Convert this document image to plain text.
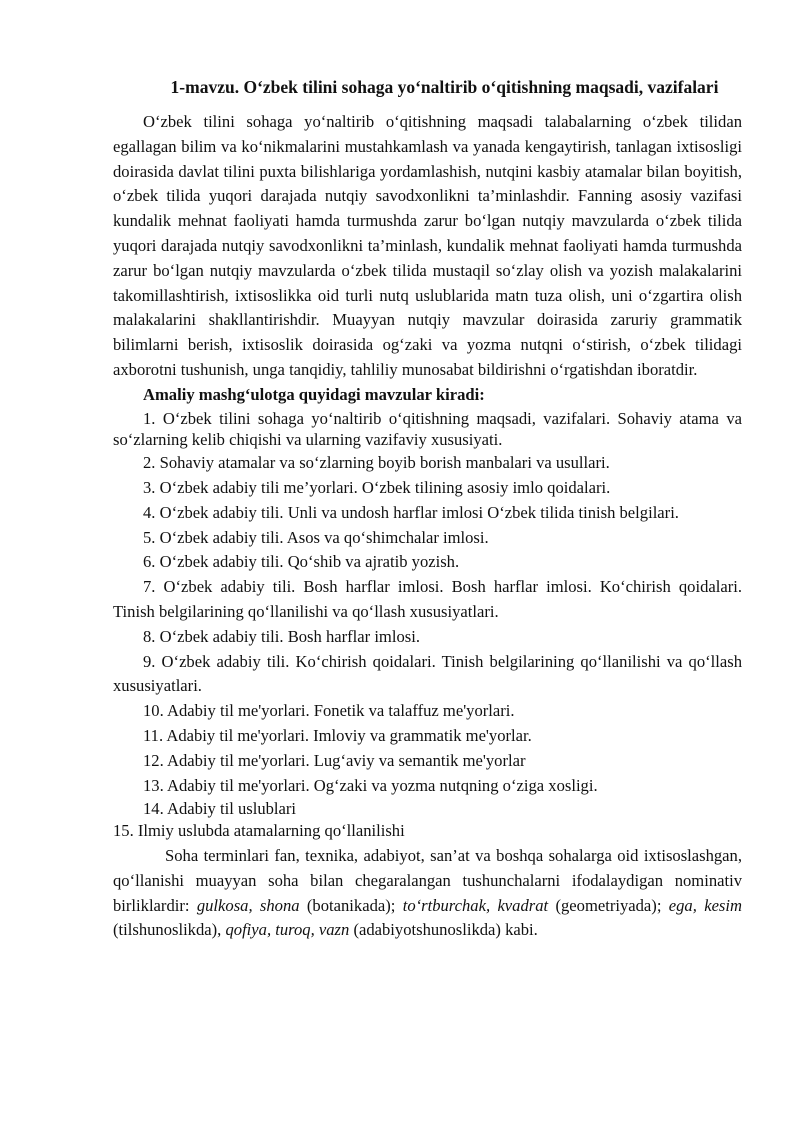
1-mavzu. O‘zbek tilini sohaga yo‘naltirib o‘qitishning maqsadi, vazifalari

O‘zbek tilini sohaga yo‘naltirib o‘qitishning maqsadi talabalarning o‘zbek tilidan egallagan bilim va ko‘nikmalarini mustahkamlash va yanada kengaytirish, tanlagan ixtisosligi doirasida davlat tilini puxta bilishlariga yordamlashish, nutqini kasbiy atamalar bilan boyitish, o‘zbek tilida yuqori darajada nutqiy savodxonlikni ta’minlashdir. Fanning asosiy vazifasi kundalik mehnat faoliyati hamda turmushda zarur bo‘lgan nutqiy mavzularda o‘zbek tilida yuqori darajada nutqiy savodxonlikni ta’minlash, kundalik mehnat faoliyati hamda turmushda zarur bo‘lgan nutqiy mavzularda o‘zbek tilida mustaqil so‘zlay olish va yozish malakalarini takomillashtirish, ixtisoslikka oid turli nutq uslublarida matn tuza olish, uni o‘zgartira olish malakalarini shakllantirishdir. Muayyan nutqiy mavzular doirasida zaruriy grammatik bilimlarni berish, ixtisoslik doirasida og‘zaki va yozma nutqni o‘stirish, o‘zbek tilidagi axborotni tushunish, unga tanqidiy, tahliliy munosabat bildirishni o‘rgatishdan iboratdir.

Amaliy mashg‘ulotga quyidagi mavzular kiradi:

1. O‘zbek tilini sohaga yo‘naltirib o‘qitishning maqsadi, vazifalari. Sohaviy atama va so‘zlarning kelib chiqishi va ularning vazifaviy xususiyati.

2. Sohaviy atamalar va so‘zlarning boyib borish manbalari va usullari.

3. O‘zbek adabiy tili me’yorlari. O‘zbek tilining asosiy imlo qoidalari.

4. O‘zbek adabiy tili. Unli va undosh harflar imlosi O‘zbek tilida tinish belgilari.

5. O‘zbek adabiy tili. Asos va qo‘shimchalar imlosi.

6. O‘zbek adabiy tili. Qo‘shib va ajratib yozish.

7. O‘zbek adabiy tili. Bosh harflar imlosi. Bosh harflar imlosi. Ko‘chirish qoidalari. Tinish belgilarining qo‘llanilishi va qo‘llash xususiyatlari.

8. O‘zbek adabiy tili. Bosh harflar imlosi.

9. O‘zbek adabiy tili. Ko‘chirish qoidalari. Tinish belgilarining qo‘llanilishi va qo‘llash xususiyatlari.

10. Adabiy til me'yorlari. Fonetik va talaffuz me'yorlari.

11. Adabiy til me'yorlari. Imloviy va grammatik me'yorlar.

12. Adabiy til me'yorlari. Lug‘aviy va semantik me'yorlar

13. Adabiy til me'yorlari. Og‘zaki va yozma nutqning o‘ziga xosligi.

14. Adabiy til uslublari

15. Ilmiy uslubda atamalarning qo‘llanilishi

Soha terminlari fan, texnika, adabiyot, san’at va boshqa sohalarga oid ixtisoslashgan, qo‘llanishi muayyan soha bilan chegaralangan tushunchalarni ifodalaydigan nominativ birliklardir: gulkosa, shona (botanikada); to‘rtburchak, kvadrat (geometriyada); ega, kesim (tilshunoslikda), qofiya, turoq, vazn (adabiyotshunoslikda) kabi.
